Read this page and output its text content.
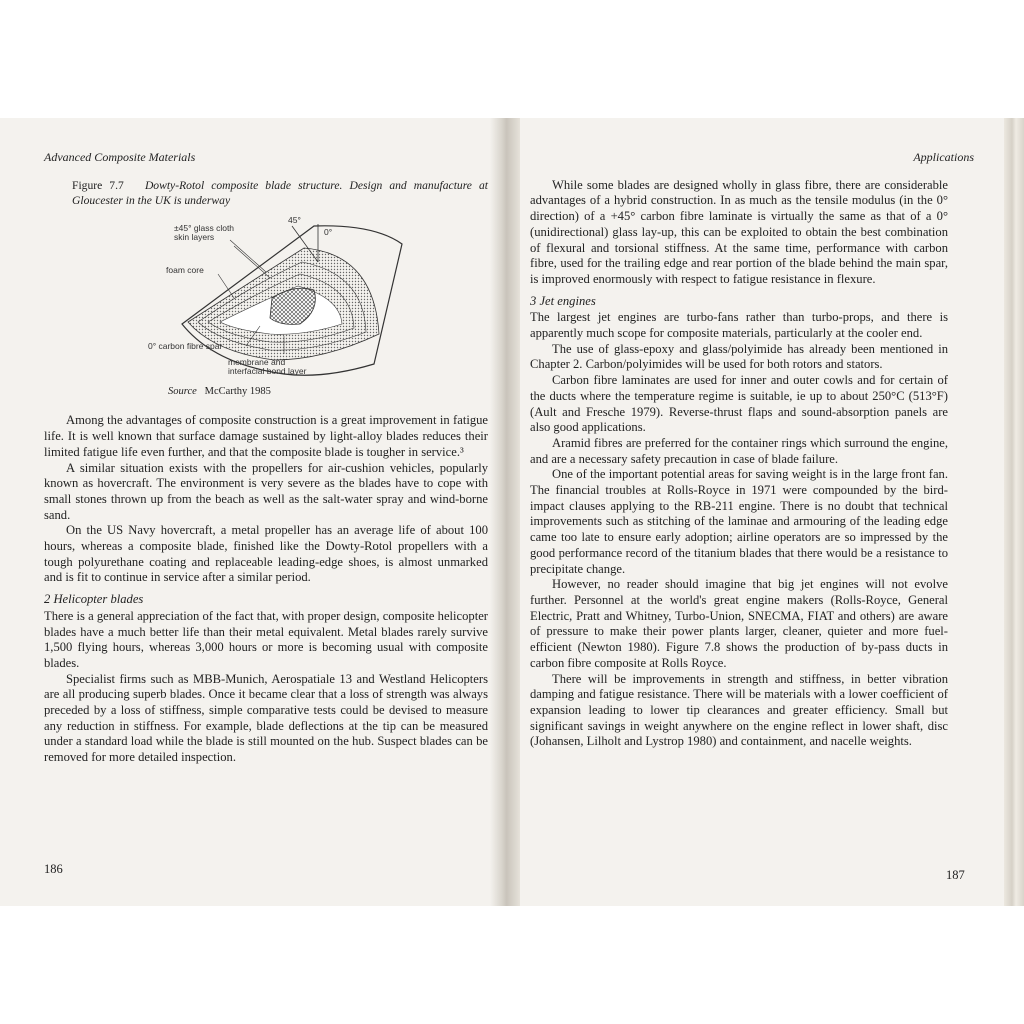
Advanced Composite Materials

Figure 7.7 Dowty-Rotol composite blade structure. Design and manufacture at Gloucester in the UK is underway

±45° glass cloth
skin layers
45°
0°
foam core
0° carbon fibre spar
membrane and
interfacial bond layer

Source McCarthy 1985

Among the advantages of composite construction is a great improvement in fatigue life. It is well known that surface damage sustained by light-alloy blades reduces their limited fatigue life even further, and that the composite blade is tougher in service.³

A similar situation exists with the propellers for air-cushion vehicles, popularly known as hovercraft. The environment is very severe as the blades have to cope with small stones thrown up from the beach as well as the salt-water spray and wind-borne sand.

On the US Navy hovercraft, a metal propeller has an average life of about 100 hours, whereas a composite blade, finished like the Dowty-Rotol propellers with a tough polyurethane coating and replaceable leading-edge shoes, is almost unmarked and is fit to continue in service after a similar period.

2 Helicopter blades

There is a general appreciation of the fact that, with proper design, composite helicopter blades have a much better life than their metal equivalent. Metal blades rarely survive 1,500 flying hours, whereas 3,000 hours or more is becoming usual with composite blades.

Specialist firms such as MBB-Munich, Aerospatiale 13 and Westland Helicopters are all producing superb blades. Once it became clear that a loss of strength was always preceded by a loss of stiffness, simple comparative tests could be devised to measure any reduction in stiffness. For example, blade deflections at the tip can be measured under a standard load while the blade is still mounted on the hub. Suspect blades can be removed for more detailed inspection.

186
Applications

While some blades are designed wholly in glass fibre, there are considerable advantages of a hybrid construction. In as much as the tensile modulus (in the 0° direction) of a +45° carbon fibre laminate is virtually the same as that of a 0° (unidirectional) glass lay-up, this can be exploited to obtain the best combination of flexural and torsional stiffness. At the same time, performance with carbon fibre, used for the trailing edge and rear portion of the blade behind the main spar, is improved enormously with respect to fatigue resistance in flexure.

3 Jet engines

The largest jet engines are turbo-fans rather than turbo-props, and there is apparently much scope for composite materials, particularly at the cooler end.

The use of glass-epoxy and glass/polyimide has already been mentioned in Chapter 2. Carbon/polyimides will be used for both rotors and stators.

Carbon fibre laminates are used for inner and outer cowls and for certain of the ducts where the temperature regime is suitable, ie up to about 250°C (513°F) (Ault and Fresche 1979). Reverse-thrust flaps and sound-absorption panels are also good applications.

Aramid fibres are preferred for the container rings which surround the engine, and are a necessary safety precaution in case of blade failure.

One of the important potential areas for saving weight is in the large front fan. The financial troubles at Rolls-Royce in 1971 were compounded by the bird-impact clauses applying to the RB-211 engine. There is no doubt that technical improvements such as stitching of the laminae and armouring of the leading edge came too late to ensure early adoption; airline operators are so impressed by the good performance record of the titanium blades that there would be a resistance to precipitate change.

However, no reader should imagine that big jet engines will not evolve further. Personnel at the world's great engine makers (Rolls-Royce, General Electric, Pratt and Whitney, Turbo-Union, SNECMA, FIAT and others) are aware of pressure to make their power plants larger, cleaner, quieter and more fuel-efficient (Newton 1980). Figure 7.8 shows the production of by-pass ducts in carbon fibre composite at Rolls Royce.

There will be improvements in strength and stiffness, in better vibration damping and fatigue resistance. There will be materials with a lower coefficient of expansion leading to lower tip clearances and greater efficiency. Small but significant savings in weight anywhere on the engine reflect in lower shaft, disc (Johansen, Lilholt and Lystrop 1980) and containment, and nacelle weights.

187
